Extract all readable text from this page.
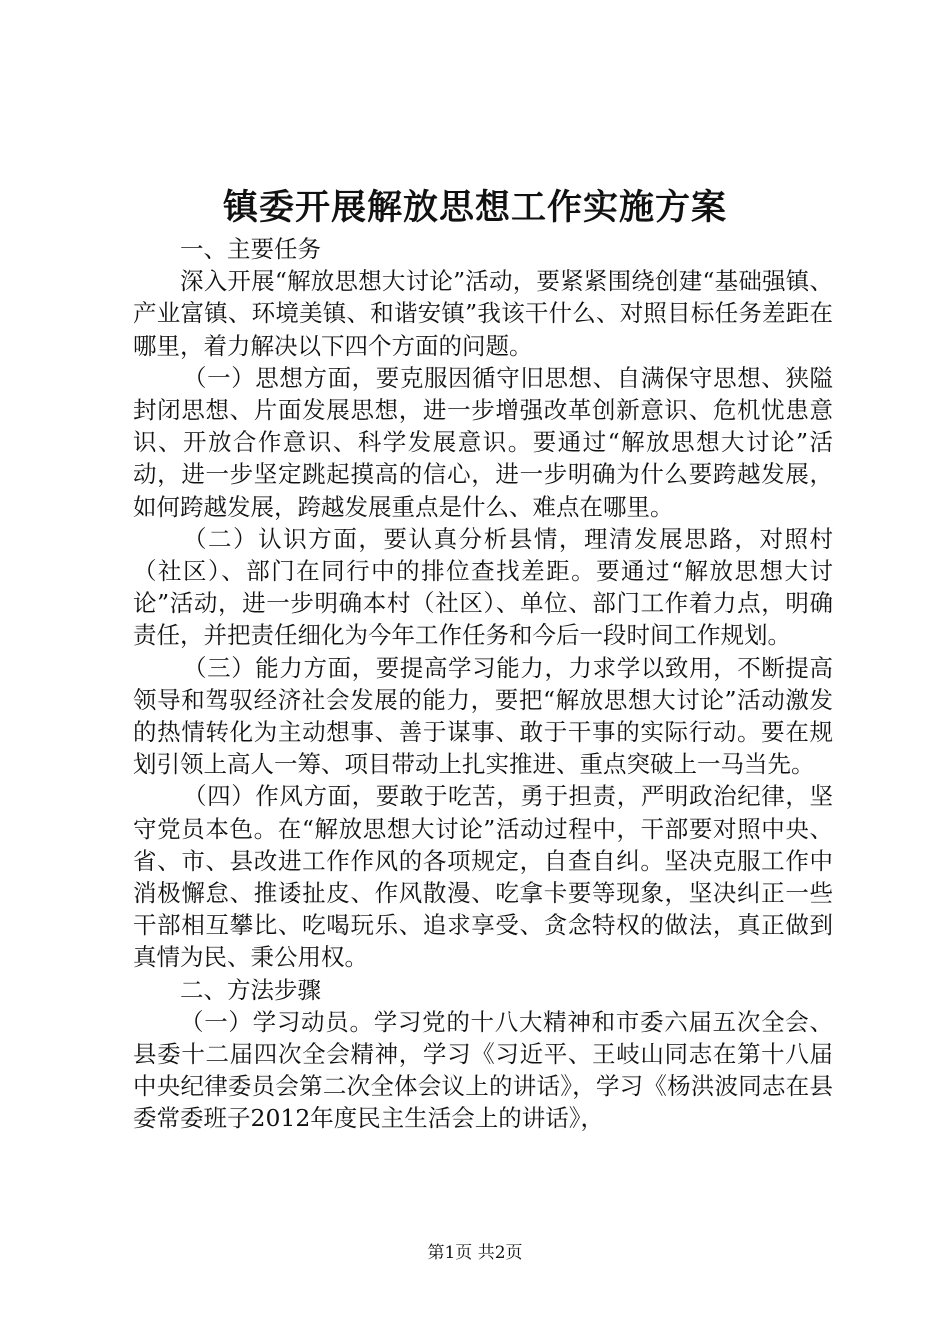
镇委开展解放思想工作实施方案

一、主要任务

深入开展“解放思想大讨论”活动，要紧紧围绕创建“基础强镇、产业富镇、环境美镇、和谐安镇”我该干什么、对照目标任务差距在哪里，着力解决以下四个方面的问题。

（一）思想方面，要克服因循守旧思想、自满保守思想、狭隘封闭思想、片面发展思想，进一步增强改革创新意识、危机忧患意识、开放合作意识、科学发展意识。要通过“解放思想大讨论”活动，进一步坚定跳起摸高的信心，进一步明确为什么要跨越发展，如何跨越发展，跨越发展重点是什么、难点在哪里。

（二）认识方面，要认真分析县情，理清发展思路，对照村（社区）、部门在同行中的排位查找差距。要通过“解放思想大讨论”活动，进一步明确本村（社区）、单位、部门工作着力点，明确责任，并把责任细化为今年工作任务和今后一段时间工作规划。

（三）能力方面，要提高学习能力，力求学以致用，不断提高领导和驾驭经济社会发展的能力，要把“解放思想大讨论”活动激发的热情转化为主动想事、善于谋事、敢于干事的实际行动。要在规划引领上高人一筹、项目带动上扎实推进、重点突破上一马当先。

（四）作风方面，要敢于吃苦，勇于担责，严明政治纪律，坚守党员本色。在“解放思想大讨论”活动过程中，干部要对照中央、省、市、县改进工作作风的各项规定，自查自纠。坚决克服工作中消极懈怠、推诿扯皮、作风散漫、吃拿卡要等现象，坚决纠正一些干部相互攀比、吃喝玩乐、追求享受、贪念特权的做法，真正做到真情为民、秉公用权。

二、方法步骤

（一）学习动员。学习党的十八大精神和市委六届五次全会、县委十二届四次全会精神，学习《习近平、王岐山同志在第十八届中央纪律委员会第二次全体会议上的讲话》，学习《杨洪波同志在县委常委班子2012年度民主生活会上的讲话》，

第1页 共2页
